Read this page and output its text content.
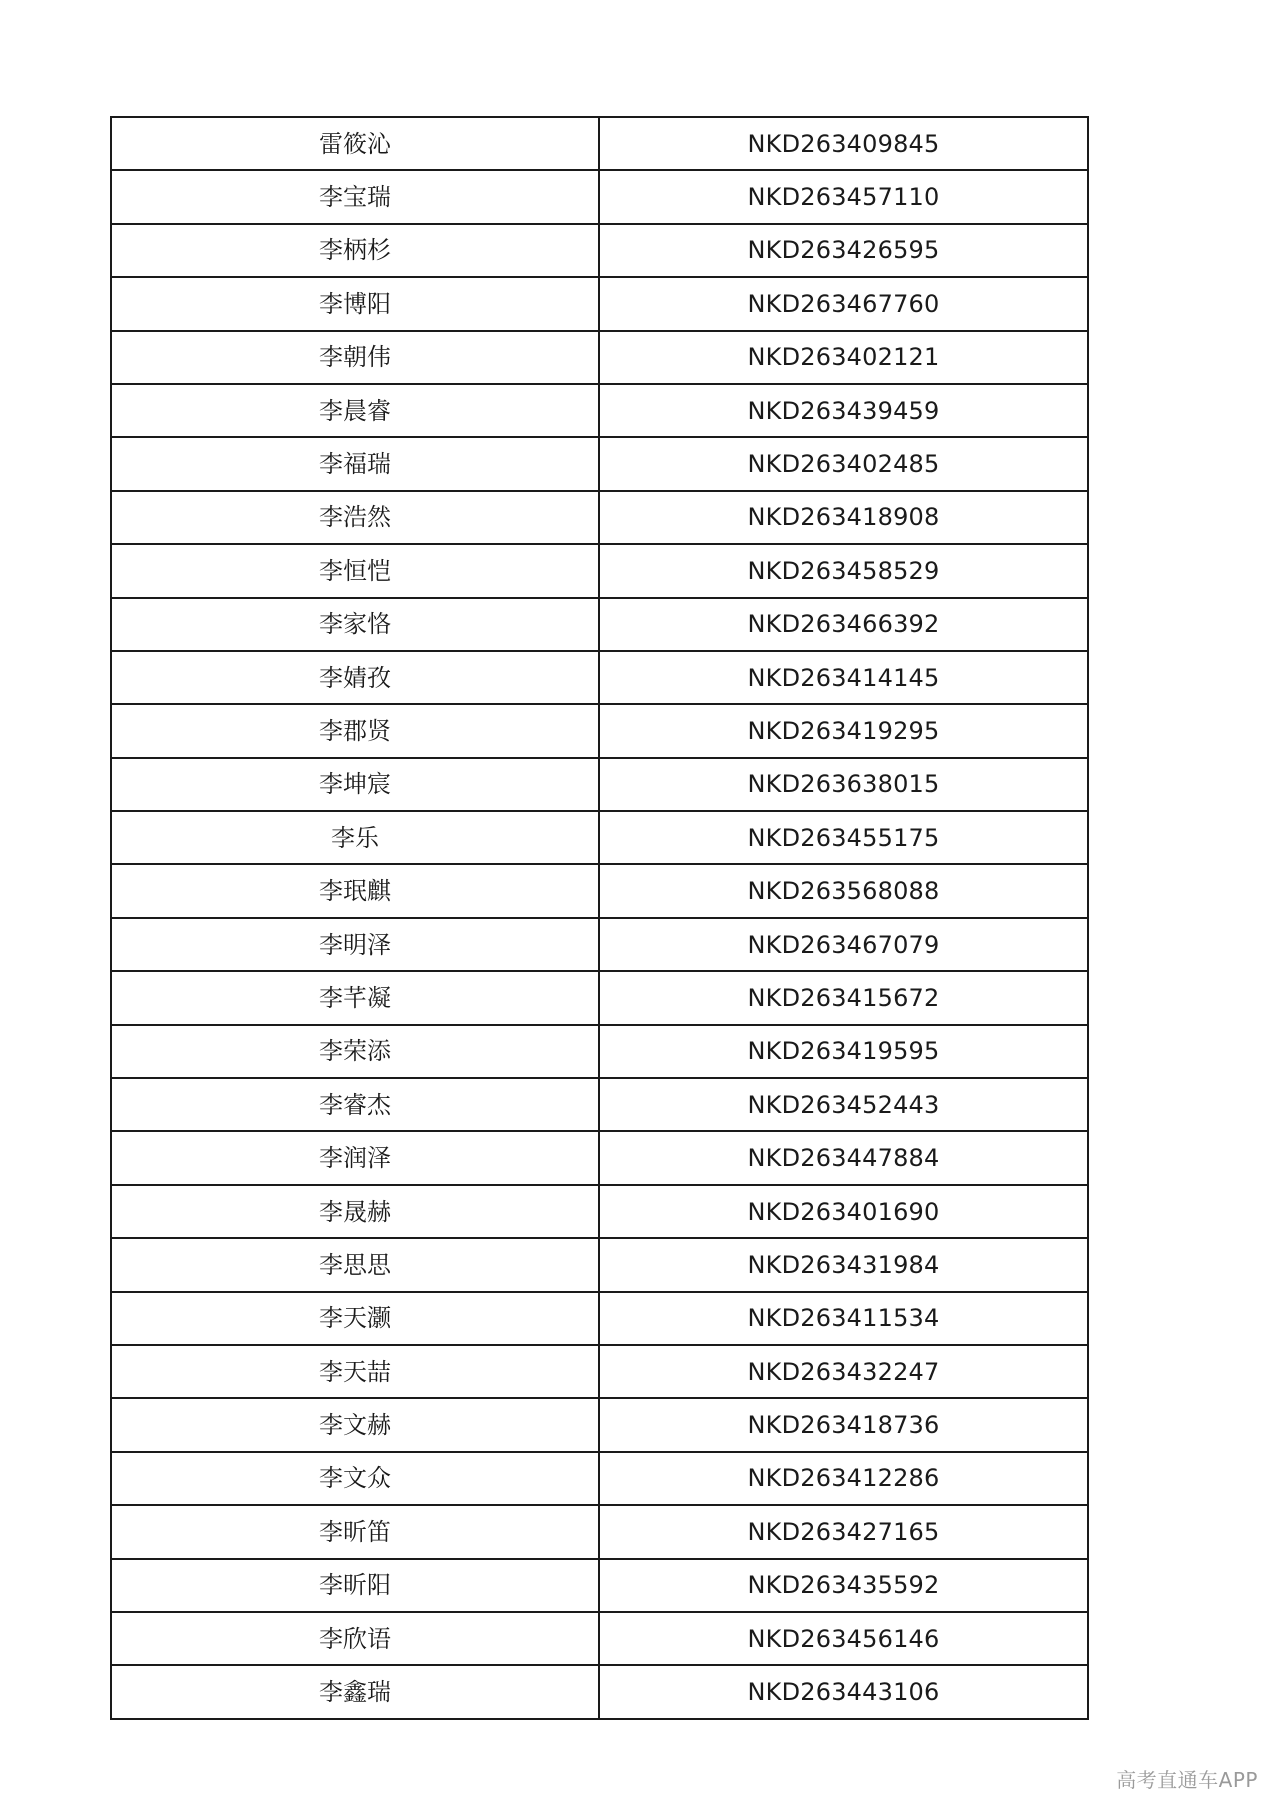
雷筱沁	NKD263409845
李宝瑞	NKD263457110
李柄杉	NKD263426595
李博阳	NKD263467760
李朝伟	NKD263402121
李晨睿	NKD263439459
李福瑞	NKD263402485
李浩然	NKD263418908
李恒恺	NKD263458529
李家恪	NKD263466392
李婧孜	NKD263414145
李郡贤	NKD263419295
李坤宸	NKD263638015
李乐	NKD263455175
李珉麒	NKD263568088
李明泽	NKD263467079
李芊凝	NKD263415672
李荣添	NKD263419595
李睿杰	NKD263452443
李润泽	NKD263447884
李晟赫	NKD263401690
李思思	NKD263431984
李天灏	NKD263411534
李天喆	NKD263432247
李文赫	NKD263418736
李文众	NKD263412286
李昕笛	NKD263427165
李昕阳	NKD263435592
李欣语	NKD263456146
李鑫瑞	NKD263443106
高考直通车APP
